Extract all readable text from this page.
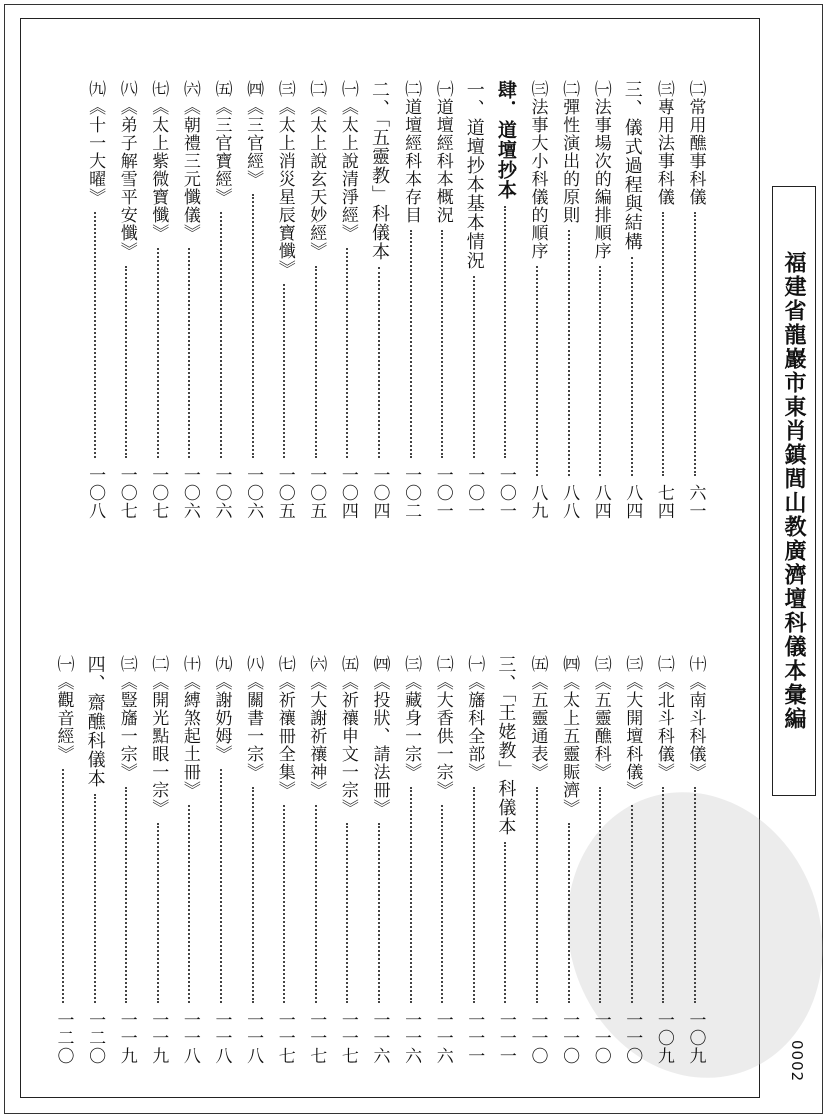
福建省龍巖市東肖鎮閭山教廣濟壇科儀本彙編
0002
㈡常用醮事科儀
六一
㈢專用法事科儀
七四
三、儀式過程與結構
八四
㈠法事場次的編排順序
八四
㈡彈性演出的原則
八八
㈢法事大小科儀的順序
八九
肆．道壇抄本
一〇一
一、道壇抄本基本情況
一〇一
㈠道壇經科本概況
一〇一
㈡道壇經科本存目
一〇二
二、「五靈教」科儀本
一〇四
㈠《太上說清淨經》
一〇四
㈡《太上說玄天妙經》
一〇五
㈢《太上消災星辰寶懺》
一〇五
㈣《三官經》
一〇六
㈤《三官寶經》
一〇六
㈥《朝禮三元懺儀》
一〇六
㈦《太上紫微寶懺》
一〇七
㈧《弟子解雪平安懺》
一〇七
㈨《十一大曜》
一〇八
㈩《南斗科儀》
一〇九
㈡《北斗科儀》
一〇九
㈢《大開壇科儀》
一一〇
㈢《五靈醮科》
一一〇
㈣《太上五靈賑濟》
一一〇
㈤《五靈通表》
一一〇
三、「王姥教」科儀本
一一一
㈠《旛科全部》
一一一
㈡《大香供一宗》
一一六
㈢《藏身一宗》
一一六
㈣《投狀、請法冊》
一一六
㈤《祈禳申文一宗》
一一七
㈥《大謝祈禳神》
一一七
㈦《祈禳冊全集》
一一七
㈧《關書一宗》
一一八
㈨《謝奶姆》
一一八
㈩《縛煞起土冊》
一一八
㈡《開光點眼一宗》
一一九
㈢《豎旛一宗》
一一九
四、齋醮科儀本
一二〇
㈠《觀音經》
一二〇
